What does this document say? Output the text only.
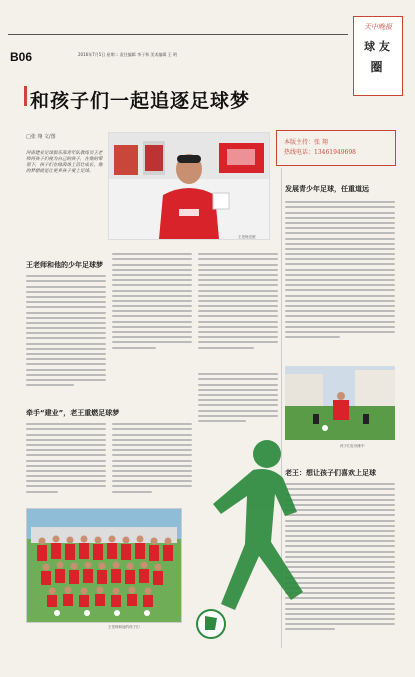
B06	2016年7月5日 星期二 责任编辑 李子和 美术编辑 王 明
天中晚报
球 友
圈
和孩子们一起追逐足球梦
□张 翔 文/图
河南建业足球俱乐部青年队教练员王老师将孩子们视为自己的孩子，在他的带领下，孩子们在绿茵场上茁壮成长，他的梦想就是让更多孩子爱上足球。
王老师近照
本版主持：张 翔
热线电话：13461949698
发展青少年足球，任重道远
王老师和他的少年足球梦
牵手“建业”，老王重燃足球梦
老王：想让孩子们喜欢上足球
孩子们在训练中
王老师和他的孩子们
